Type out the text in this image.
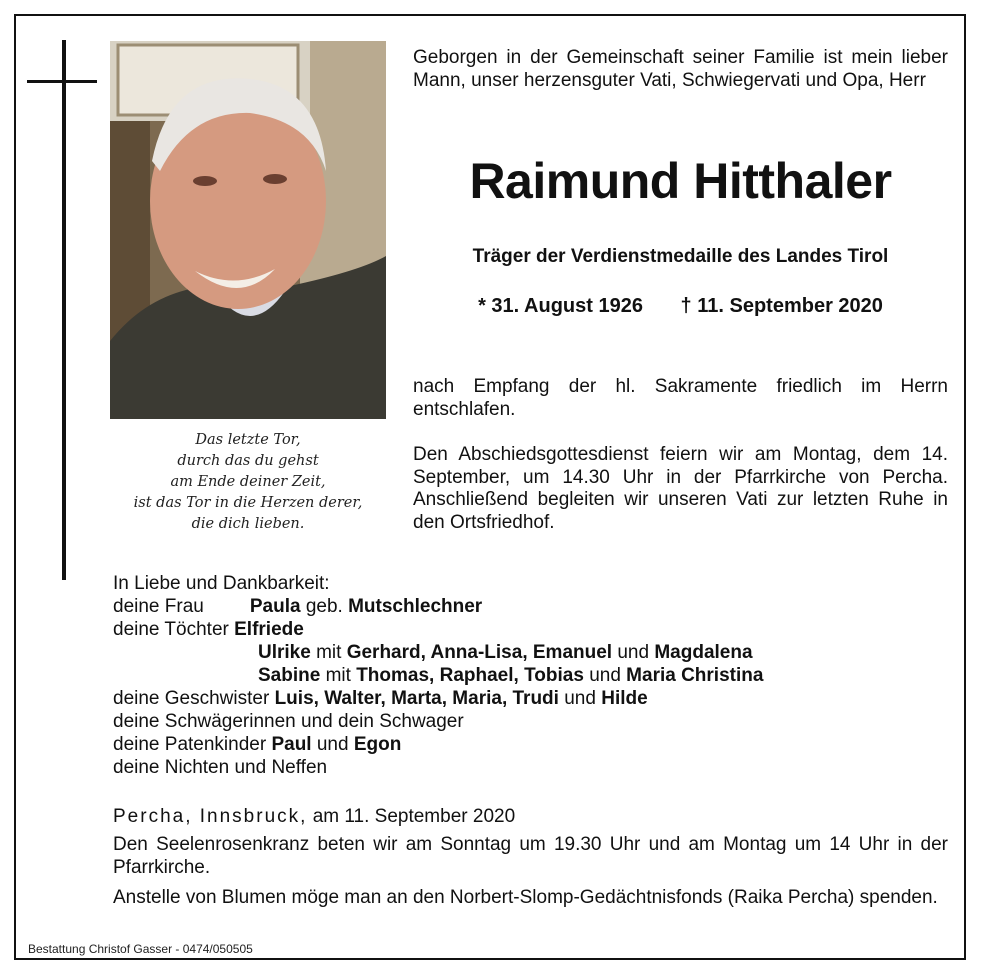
Das letzte Tor,
durch das du gehst
am Ende deiner Zeit,
ist das Tor in die Herzen derer,
die dich lieben.
Geborgen in der Gemeinschaft seiner Familie ist mein lieber Mann, unser herzensguter Vati, Schwiegervati und Opa, Herr
Raimund Hitthaler
Träger der Verdienstmedaille des Landes Tirol
* 31. August 1926 † 11. September 2020
nach Empfang der hl. Sakramente friedlich im Herrn entschlafen.
Den Abschiedsgottesdienst feiern wir am Montag, dem 14. September, um 14.30 Uhr in der Pfarrkirche von Percha. Anschließend begleiten wir unseren Vati zur letzten Ruhe in den Ortsfriedhof.
In Liebe und Dankbarkeit:
deine Frau Paula geb. Mutschlechner
deine Töchter Elfriede
Ulrike mit Gerhard, Anna-Lisa, Emanuel und Magdalena
Sabine mit Thomas, Raphael, Tobias und Maria Christina
deine Geschwister Luis, Walter, Marta, Maria, Trudi und Hilde
deine Schwägerinnen und dein Schwager
deine Patenkinder Paul und Egon
deine Nichten und Neffen
Percha, Innsbruck, am 11. September 2020
Den Seelenrosenkranz beten wir am Sonntag um 19.30 Uhr und am Montag um 14 Uhr in der Pfarrkirche.
Anstelle von Blumen möge man an den Norbert-Slomp-Gedächtnisfonds (Raika Percha) spenden.
Bestattung Christof Gasser - 0474/050505
